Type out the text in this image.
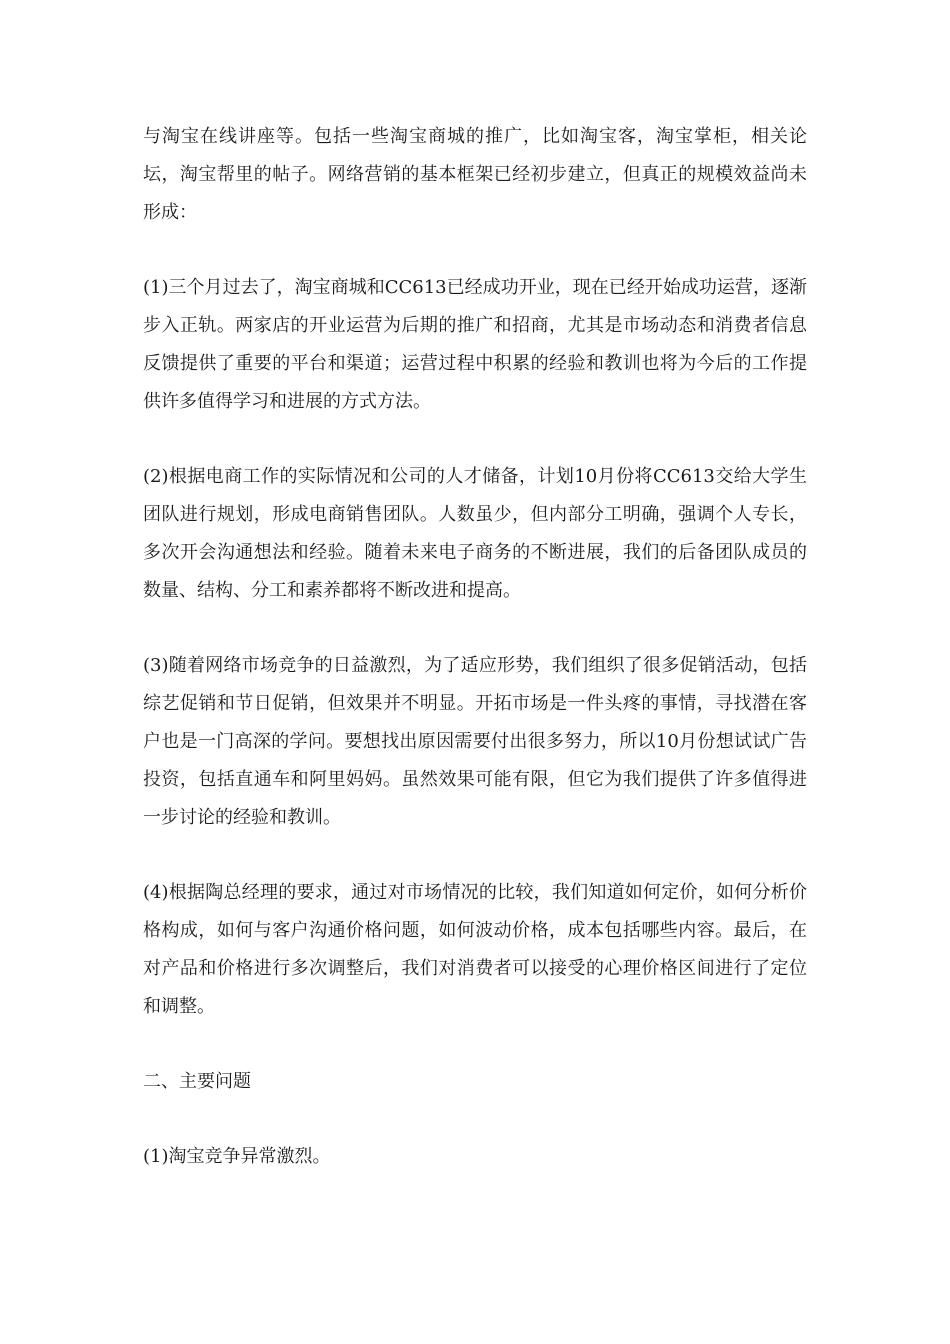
与淘宝在线讲座等。包括一些淘宝商城的推广，比如淘宝客，淘宝掌柜，相关论坛，淘宝帮里的帖子。网络营销的基本框架已经初步建立，但真正的规模效益尚未形成：

(1)三个月过去了，淘宝商城和CC613已经成功开业，现在已经开始成功运营，逐渐步入正轨。两家店的开业运营为后期的推广和招商，尤其是市场动态和消费者信息反馈提供了重要的平台和渠道；运营过程中积累的经验和教训也将为今后的工作提供许多值得学习和进展的方式方法。

(2)根据电商工作的实际情况和公司的人才储备，计划10月份将CC613交给大学生团队进行规划，形成电商销售团队。人数虽少，但内部分工明确，强调个人专长，多次开会沟通想法和经验。随着未来电子商务的不断进展，我们的后备团队成员的数量、结构、分工和素养都将不断改进和提高。

(3)随着网络市场竞争的日益激烈，为了适应形势，我们组织了很多促销活动，包括综艺促销和节日促销，但效果并不明显。开拓市场是一件头疼的事情，寻找潜在客户也是一门高深的学问。要想找出原因需要付出很多努力，所以10月份想试试广告投资，包括直通车和阿里妈妈。虽然效果可能有限，但它为我们提供了许多值得进一步讨论的经验和教训。

(4)根据陶总经理的要求，通过对市场情况的比较，我们知道如何定价，如何分析价格构成，如何与客户沟通价格问题，如何波动价格，成本包括哪些内容。最后，在对产品和价格进行多次调整后，我们对消费者可以接受的心理价格区间进行了定位和调整。

二、主要问题

(1)淘宝竞争异常激烈。
